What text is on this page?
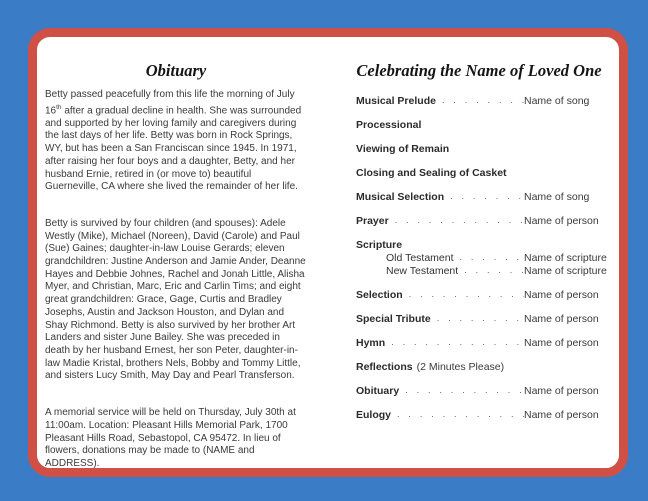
Obituary

Betty passed peacefully from this life the morning of July 16th after a gradual decline in health. She was surrounded and supported by her loving family and caregivers during the last days of her life. Betty was born in Rock Springs, WY, but has been a San Franciscan since 1945. In 1971, after raising her four boys and a daughter, Betty, and her husband Ernie, retired in (or move to) beautiful Guerneville, CA where she lived the remainder of her life.

Betty is survived by four children (and spouses): Adele Westly (Mike), Michael (Noreen), David (Carole) and Paul (Sue) Gaines; daughter-in-law Louise Gerards; eleven grandchildren: Justine Anderson and Jamie Ander, Deanne Hayes and Debbie Johnes, Rachel and Jonah Little, Alisha Myer, and Christian, Marc, Eric and Carlin Tims; and eight great grandchildren: Grace, Gage, Curtis and Bradley Josephs, Austin and Jackson Houston, and Dylan and Shay Richmond. Betty is also survived by her brother Art Landers and sister June Bailey. She was preceded in death by her husband Ernest, her son Peter, daughter-in-law Madie Kristal, brothers Nels, Bobby and Tommy Little, and sisters Lucy Smith, May Day and Pearl Transferson.

A memorial service will be held on Thursday, July 30th at 11:00am. Location: Pleasant Hills Memorial Park, 1700 Pleasant Hills Road, Sebastopol, CA 95472. In lieu of flowers, donations may be made to (NAME and ADDRESS).

Celebrating the Name of Loved One
Musical Prelude . . .	Name of song
Processional
Viewing of Remain
Closing and Sealing of Casket
Musical Selection . . .	Name of song
Prayer . . .	Name of person
Scripture
Old Testament . . .	Name of scripture
New Testament . . .	Name of scripture
Selection . . .	Name of person
Special Tribute . . .	Name of person
Hymn . . .	Name of person
Reflections (2 Minutes Please)
Obituary . . .	Name of person
Eulogy . . .	Name of person
